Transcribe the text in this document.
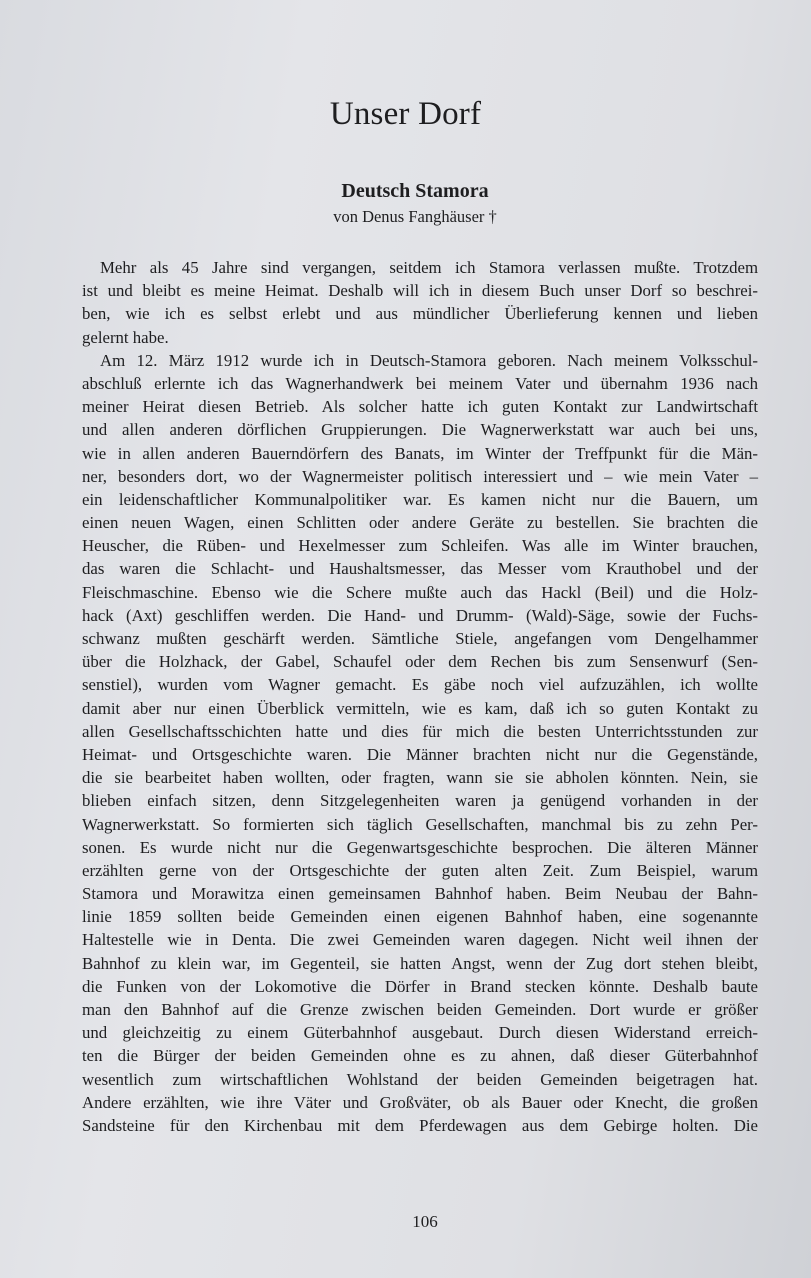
Unser Dorf
Deutsch Stamora
von Denus Fanghäuser †
Mehr als 45 Jahre sind vergangen, seitdem ich Stamora verlassen mußte. Trotzdem
ist und bleibt es meine Heimat. Deshalb will ich in diesem Buch unser Dorf so beschrei-
ben, wie ich es selbst erlebt und aus mündlicher Überlieferung kennen und lieben
gelernt habe.
Am 12. März 1912 wurde ich in Deutsch-Stamora geboren. Nach meinem Volksschul-
abschluß erlernte ich das Wagnerhandwerk bei meinem Vater und übernahm 1936 nach
meiner Heirat diesen Betrieb. Als solcher hatte ich guten Kontakt zur Landwirtschaft
und allen anderen dörflichen Gruppierungen. Die Wagnerwerkstatt war auch bei uns,
wie in allen anderen Bauerndörfern des Banats, im Winter der Treffpunkt für die Män-
ner, besonders dort, wo der Wagnermeister politisch interessiert und – wie mein Vater –
ein leidenschaftlicher Kommunalpolitiker war. Es kamen nicht nur die Bauern, um
einen neuen Wagen, einen Schlitten oder andere Geräte zu bestellen. Sie brachten die
Heuscher, die Rüben- und Hexelmesser zum Schleifen. Was alle im Winter brauchen,
das waren die Schlacht- und Haushaltsmesser, das Messer vom Krauthobel und der
Fleischmaschine. Ebenso wie die Schere mußte auch das Hackl (Beil) und die Holz-
hack (Axt) geschliffen werden. Die Hand- und Drumm- (Wald)-Säge, sowie der Fuchs-
schwanz mußten geschärft werden. Sämtliche Stiele, angefangen vom Dengelhammer
über die Holzhack, der Gabel, Schaufel oder dem Rechen bis zum Sensenwurf (Sen-
senstiel), wurden vom Wagner gemacht. Es gäbe noch viel aufzuzählen, ich wollte
damit aber nur einen Überblick vermitteln, wie es kam, daß ich so guten Kontakt zu
allen Gesellschaftsschichten hatte und dies für mich die besten Unterrichtsstunden zur
Heimat- und Ortsgeschichte waren. Die Männer brachten nicht nur die Gegenstände,
die sie bearbeitet haben wollten, oder fragten, wann sie sie abholen könnten. Nein, sie
blieben einfach sitzen, denn Sitzgelegenheiten waren ja genügend vorhanden in der
Wagnerwerkstatt. So formierten sich täglich Gesellschaften, manchmal bis zu zehn Per-
sonen. Es wurde nicht nur die Gegenwartsgeschichte besprochen. Die älteren Männer
erzählten gerne von der Ortsgeschichte der guten alten Zeit. Zum Beispiel, warum
Stamora und Morawitza einen gemeinsamen Bahnhof haben. Beim Neubau der Bahn-
linie 1859 sollten beide Gemeinden einen eigenen Bahnhof haben, eine sogenannte
Haltestelle wie in Denta. Die zwei Gemeinden waren dagegen. Nicht weil ihnen der
Bahnhof zu klein war, im Gegenteil, sie hatten Angst, wenn der Zug dort stehen bleibt,
die Funken von der Lokomotive die Dörfer in Brand stecken könnte. Deshalb baute
man den Bahnhof auf die Grenze zwischen beiden Gemeinden. Dort wurde er größer
und gleichzeitig zu einem Güterbahnhof ausgebaut. Durch diesen Widerstand erreich-
ten die Bürger der beiden Gemeinden ohne es zu ahnen, daß dieser Güterbahnhof
wesentlich zum wirtschaftlichen Wohlstand der beiden Gemeinden beigetragen hat.
Andere erzählten, wie ihre Väter und Großväter, ob als Bauer oder Knecht, die großen
Sandsteine für den Kirchenbau mit dem Pferdewagen aus dem Gebirge holten. Die
106
